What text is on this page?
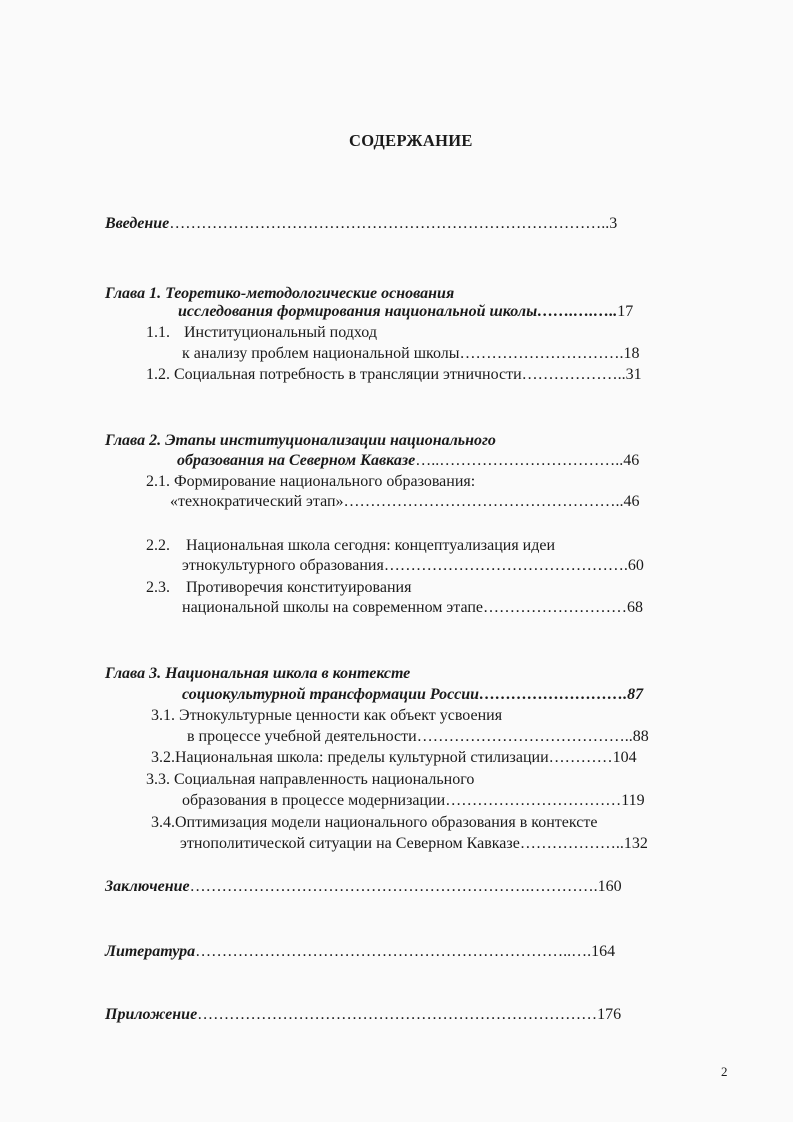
СОДЕРЖАНИЕ

Введение………………………………………………………………………..3

Глава 1. Теоретико-методологические основания

исследования формирования национальной школы…….….…..17

1.1. Институциональный подход

к анализу проблем национальной школы………………………….18

1.2. Социальная потребность в трансляции этничности………………..31

Глава 2. Этапы институционализации национального

образования на Северном Кавказе…..……………………………..46

2.1. Формирование национального образования:

«технократический этап»……………………………………………..46

2.2. Национальная школа сегодня: концептуализация идеи

этнокультурного образования……………………………………….60

2.3. Противоречия конституирования

национальной школы на современном этапе………………………68

Глава 3. Национальная школа в контексте

социокультурной трансформации России……………………….87

3.1. Этнокультурные ценности как объект усвоения

в процессе учебной деятельности…………………………………..88

3.2.Национальная школа: пределы культурной стилизации…………104

3.3. Социальная направленность национального

образования в процессе модернизации……………………………119

3.4.Оптимизация модели национального образования в контексте

этнополитической ситуации на Северном Кавказе………………..132

Заключение……………………………………………………….………….160

Литература……………………………………………………………..….164

Приложение…………………………………………………………………176

2
